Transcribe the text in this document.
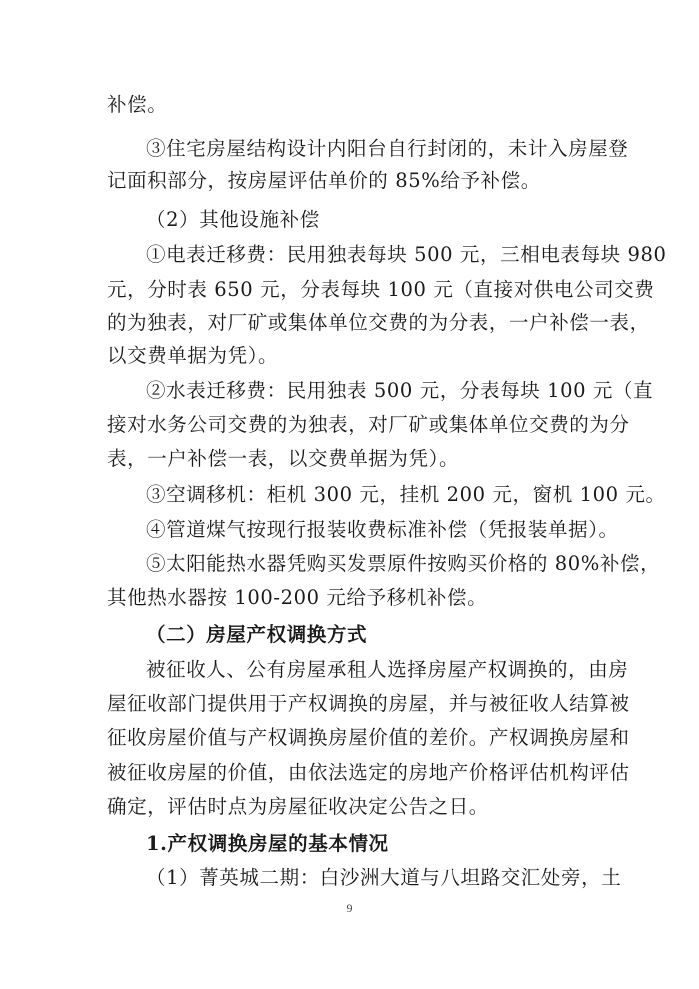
补偿。
③住宅房屋结构设计内阳台自行封闭的，未计入房屋登
记面积部分，按房屋评估单价的 85%给予补偿。
（2）其他设施补偿
①电表迁移费：民用独表每块 500 元，三相电表每块 980
元，分时表 650 元，分表每块 100 元（直接对供电公司交费
的为独表，对厂矿或集体单位交费的为分表，一户补偿一表，
以交费单据为凭）。
②水表迁移费：民用独表 500 元，分表每块 100 元（直
接对水务公司交费的为独表，对厂矿或集体单位交费的为分
表，一户补偿一表，以交费单据为凭）。
③空调移机：柜机 300 元，挂机 200 元，窗机 100 元。
④管道煤气按现行报装收费标准补偿（凭报装单据）。
⑤太阳能热水器凭购买发票原件按购买价格的 80%补偿，
其他热水器按 100-200 元给予移机补偿。
（二）房屋产权调换方式
被征收人、公有房屋承租人选择房屋产权调换的，由房
屋征收部门提供用于产权调换的房屋，并与被征收人结算被
征收房屋价值与产权调换房屋价值的差价。产权调换房屋和
被征收房屋的价值，由依法选定的房地产价格评估机构评估
确定，评估时点为房屋征收决定公告之日。
1.产权调换房屋的基本情况
（1）菁英城二期：白沙洲大道与八坦路交汇处旁，土
9
